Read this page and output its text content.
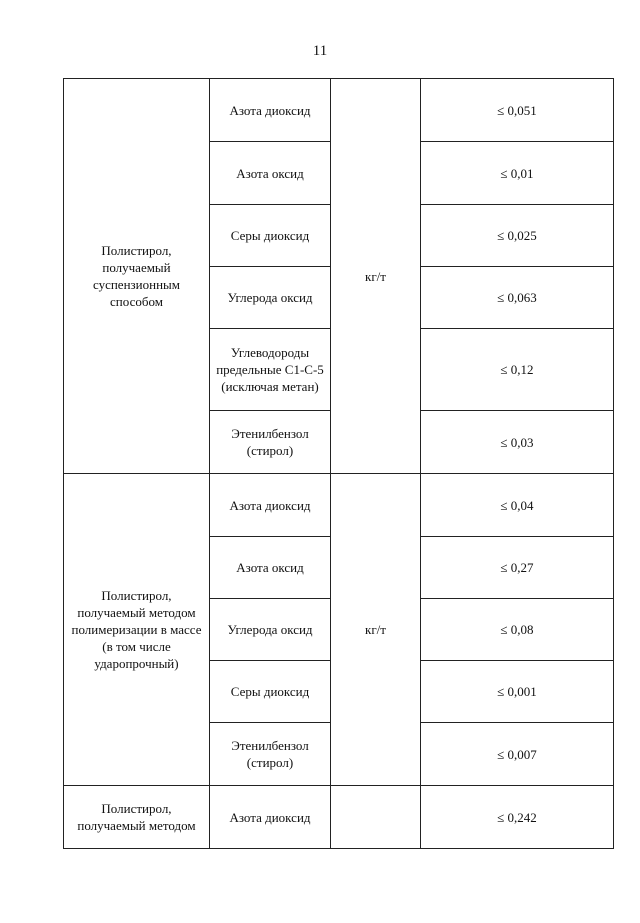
11
Полистирол, получаемый суспензионным способом	Азота диоксид	кг/т	≤ 0,051
	Азота оксид		≤ 0,01
	Серы диоксид		≤ 0,025
	Углерода оксид		≤ 0,063
	Углеводороды предельные С1-С-5 (исключая метан)		≤ 0,12
	Этенилбензол (стирол)		≤ 0,03
Полистирол, получаемый методом полимеризации в массе (в том числе ударопрочный)	Азота диоксид	кг/т	≤ 0,04
	Азота оксид		≤ 0,27
	Углерода оксид		≤ 0,08
	Серы диоксид		≤ 0,001
	Этенилбензол (стирол)		≤ 0,007
Полистирол, получаемый методом	Азота диоксид		≤ 0,242
